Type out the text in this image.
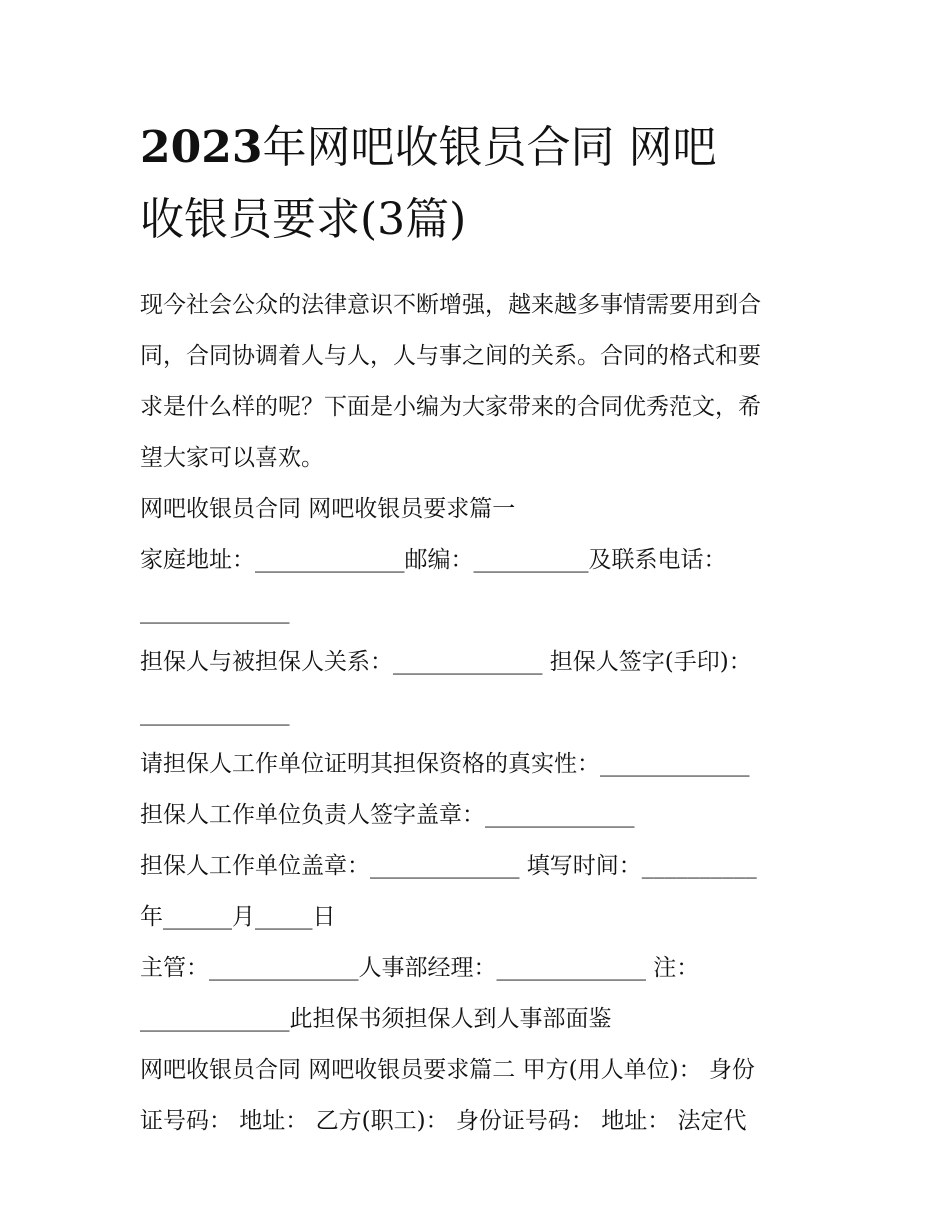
2023年网吧收银员合同 网吧
收银员要求(3篇)
现今社会公众的法律意识不断增强，越来越多事情需要用到合
同，合同协调着人与人，人与事之间的关系。合同的格式和要
求是什么样的呢？下面是小编为大家带来的合同优秀范文，希
望大家可以喜欢。
网吧收银员合同 网吧收银员要求篇一
家庭地址：_____________邮编：__________及联系电话：
_____________
担保人与被担保人关系：_____________ 担保人签字(手印)：
_____________
请担保人工作单位证明其担保资格的真实性：_____________
担保人工作单位负责人签字盖章：_____________
担保人工作单位盖章：_____________ 填写时间：__________
年______月_____日
主管：_____________人事部经理：_____________ 注：
_____________此担保书须担保人到人事部面鉴
网吧收银员合同 网吧收银员要求篇二 甲方(用人单位)： 身份
证号码： 地址： 乙方(职工)： 身份证号码： 地址： 法定代
